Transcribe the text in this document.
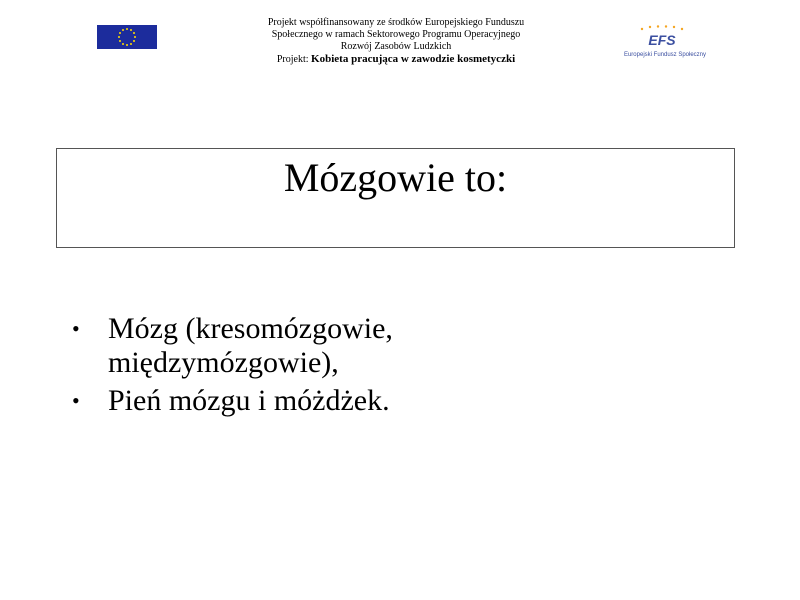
Projekt współfinansowany ze środków Europejskiego Funduszu
Społecznego w ramach Sektorowego Programu Operacyjnego
Rozwój Zasobów Ludzkich
Projekt: Kobieta pracująca w zawodzie kosmetyczki
EFS
Europejski Fundusz Społeczny
Mózgowie to:
• Mózg (kresomózgowie,
międzymózgowie),
• Pień mózgu i móżdżek.
